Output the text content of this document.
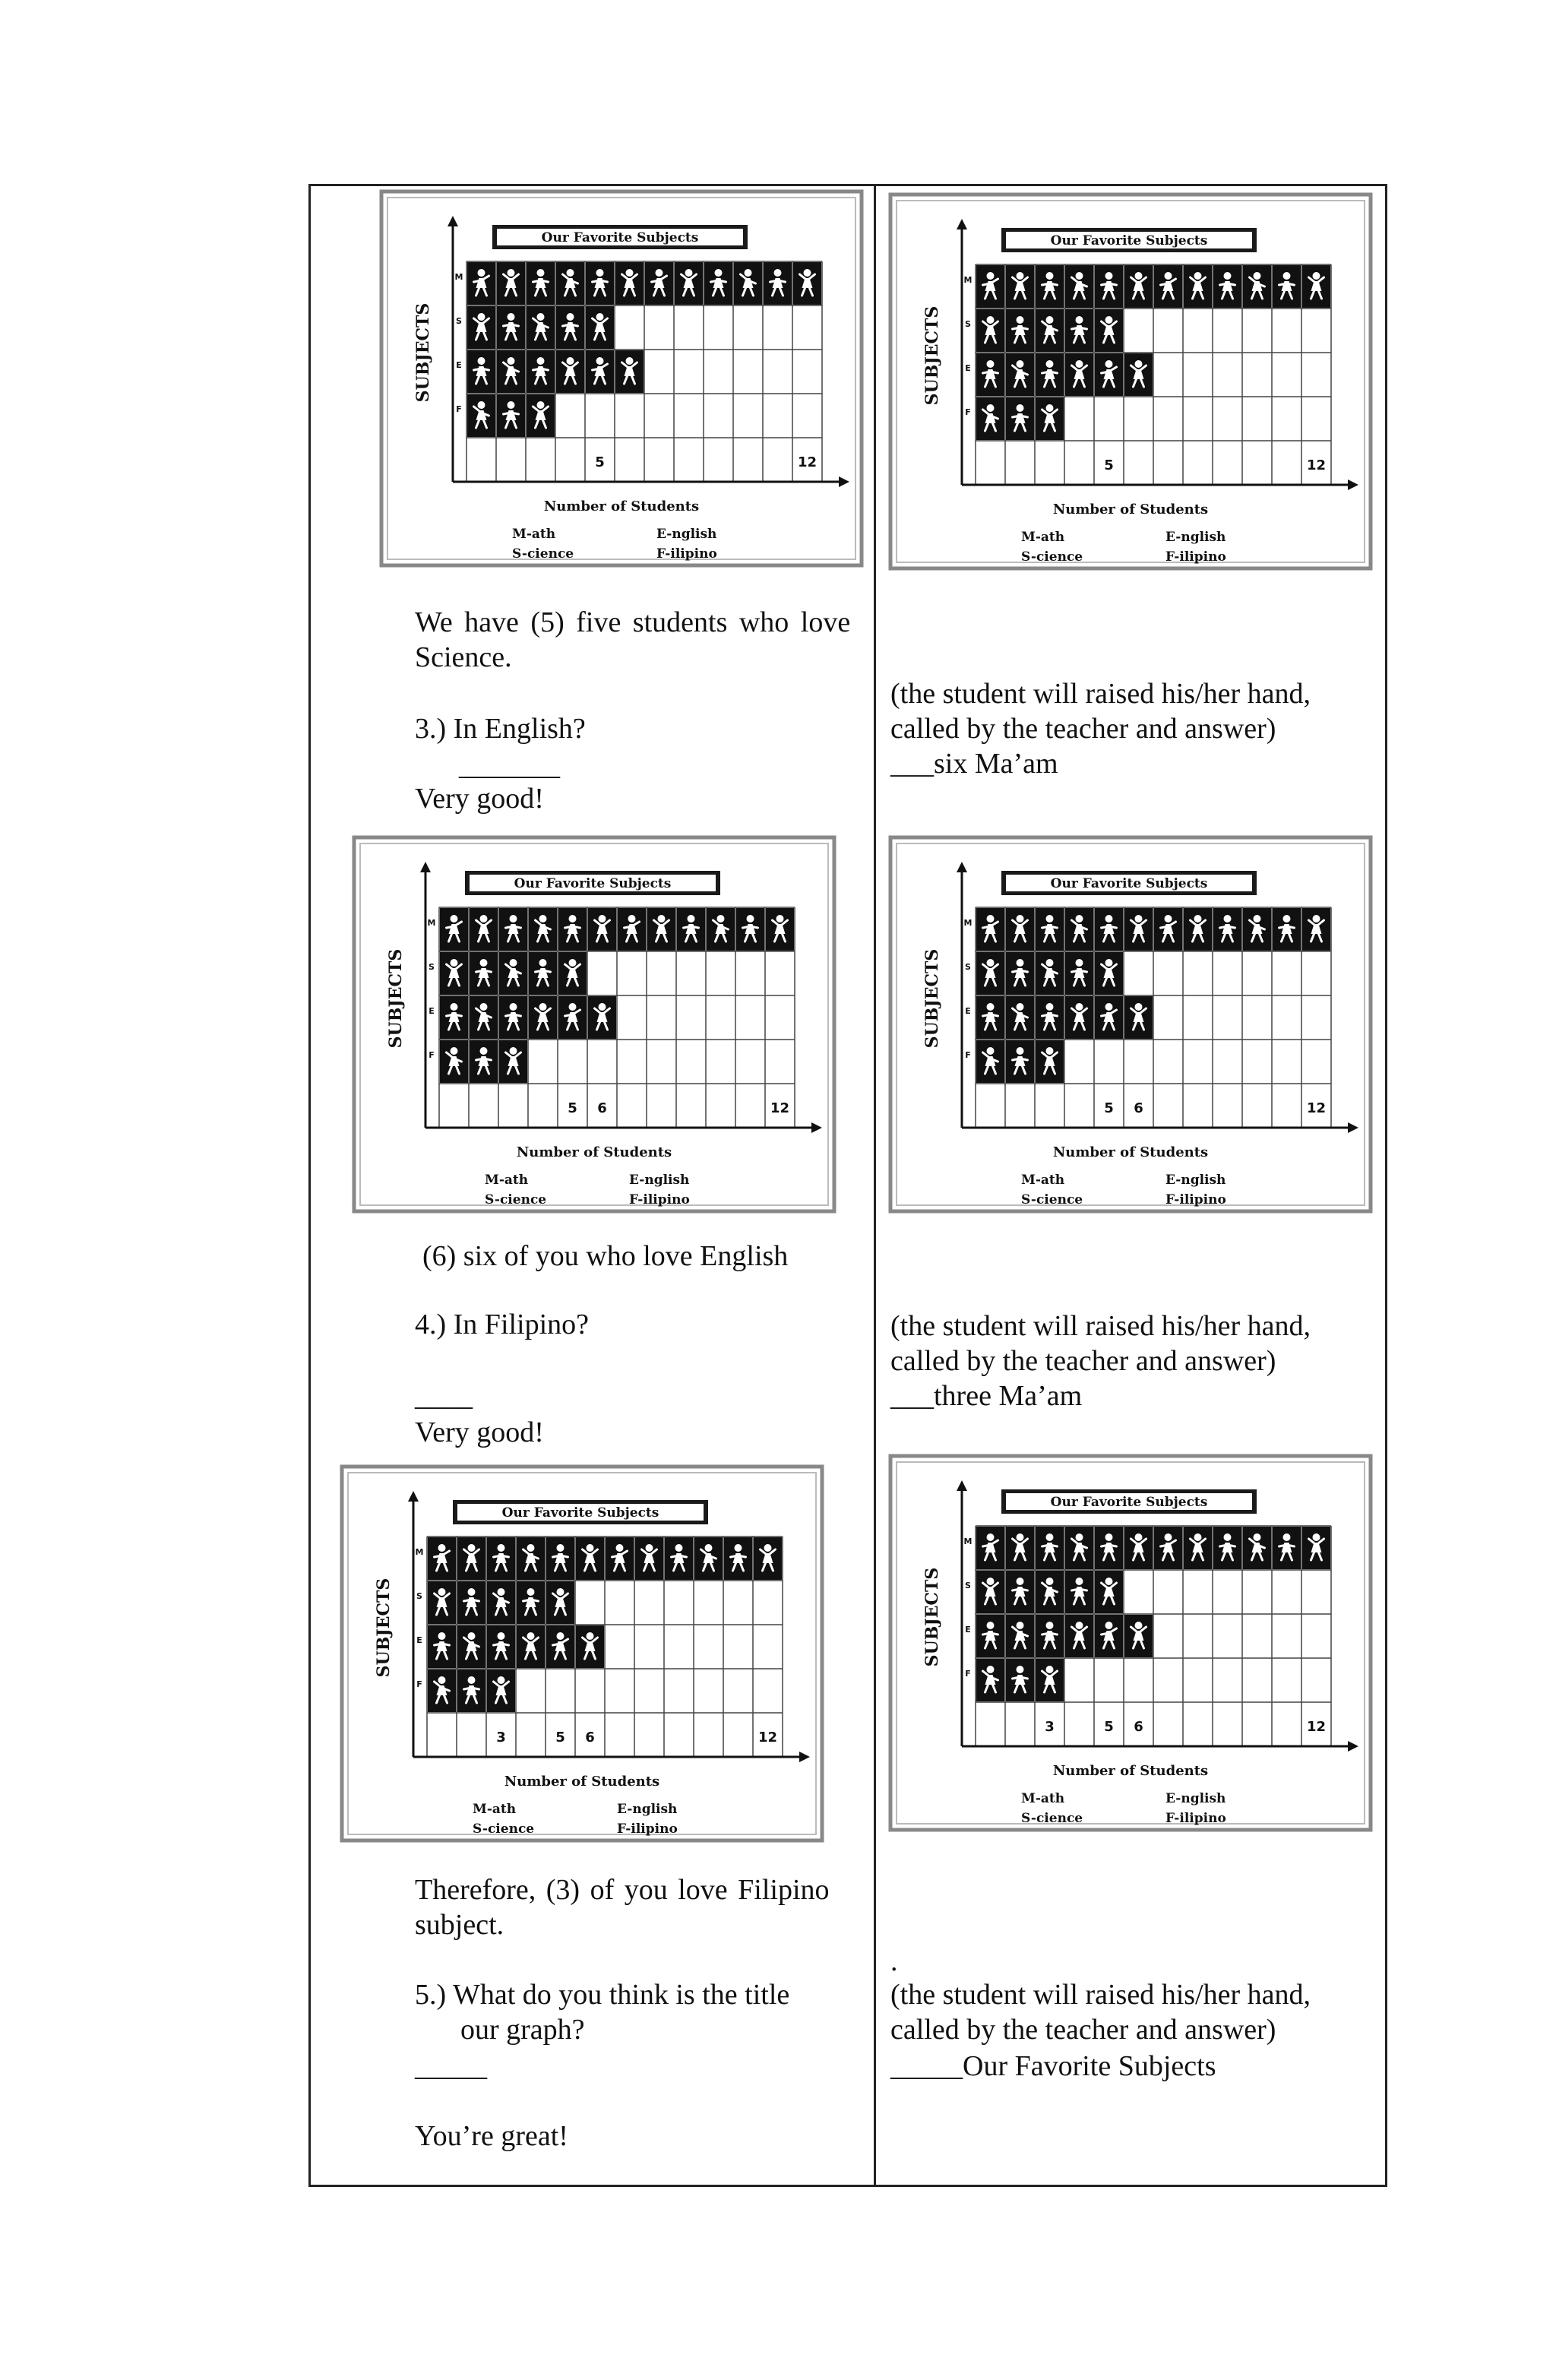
Our Favorite Subjects
SUBJECTS
M
S
E
F
5	12
Number of Students
M-ath
S-cience
E-nglish
F-ilipino
Our Favorite Subjects
SUBJECTS
M
S
E
F
5	12
Number of Students
M-ath
S-cience
E-nglish
F-ilipino
Our Favorite Subjects
SUBJECTS
M
S
E
F
5 6	12
Number of Students
M-ath
S-cience
E-nglish
F-ilipino
Our Favorite Subjects
SUBJECTS
M
S
E
F
5 6	12
Number of Students
M-ath
S-cience
E-nglish
F-ilipino
Our Favorite Subjects
SUBJECTS
M
S
E
F
3	5 6	12
Number of Students
M-ath
S-cience
E-nglish
F-ilipino
Our Favorite Subjects
SUBJECTS
M
S
E
F
3	5 6	12
Number of Students
M-ath
S-cience
E-nglish
F-ilipino

We have (5) five students who love

Science.

3.) In English?

_______

Very good!

(6) six of you who love English

4.) In Filipino?

____

Very good!

Therefore, (3) of you love Filipino

subject.

5.) What do you think is the title

our graph?

_____

You’re great!

(the student will raised his/her hand,

called by the teacher and answer)

___six Ma’am

(the student will raised his/her hand,

called by the teacher and answer)

___three Ma’am

.

(the student will raised his/her hand,

called by the teacher and answer)

_____Our Favorite Subjects
